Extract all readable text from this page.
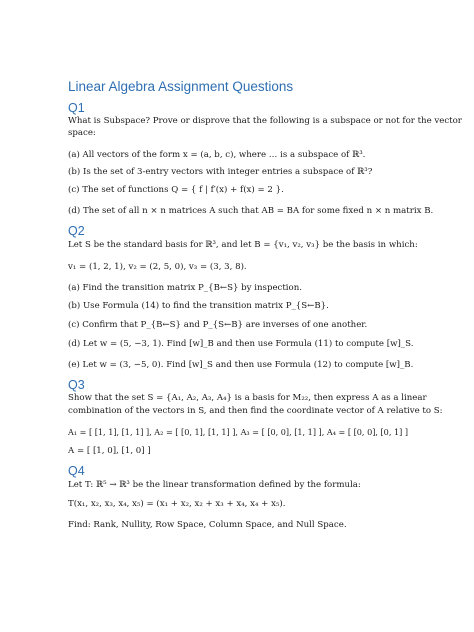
Linear Algebra Assignment Questions
Q1
What is Subspace? Prove or disprove that the following is a subspace or not for the vector
space:
(a) All vectors of the form x = (a, b, c), where … is a subspace of ℝ³.
(b) Is the set of 3-entry vectors with integer entries a subspace of ℝ³?
(c) The set of functions Q = { f | f′(x) + f(x) = 2 }.
(d) The set of all n × n matrices A such that AB = BA for some fixed n × n matrix B.
Q2
Let S be the standard basis for ℝ³, and let B = {v₁, v₂, v₃} be the basis in which:
v₁ = (1, 2, 1), v₂ = (2, 5, 0), v₃ = (3, 3, 8).
(a) Find the transition matrix P_{B←S} by inspection.
(b) Use Formula (14) to find the transition matrix P_{S←B}.
(c) Confirm that P_{B←S} and P_{S←B} are inverses of one another.
(d) Let w = (5, −3, 1). Find [w]_B and then use Formula (11) to compute [w]_S.
(e) Let w = (3, −5, 0). Find [w]_S and then use Formula (12) to compute [w]_B.
Q3
Show that the set S = {A₁, A₂, A₃, A₄} is a basis for M₂₂, then express A as a linear
combination of the vectors in S, and then find the coordinate vector of A relative to S:
A₁ = [ [1, 1], [1, 1] ], A₂ = [ [0, 1], [1, 1] ], A₃ = [ [0, 0], [1, 1] ], A₄ = [ [0, 0], [0, 1] ]
A = [ [1, 0], [1, 0] ]
Q4
Let T: ℝ⁵ → ℝ³ be the linear transformation defined by the formula:
T(x₁, x₂, x₃, x₄, x₅) = (x₁ + x₂, x₂ + x₃ + x₄, x₄ + x₅).
Find: Rank, Nullity, Row Space, Column Space, and Null Space.
